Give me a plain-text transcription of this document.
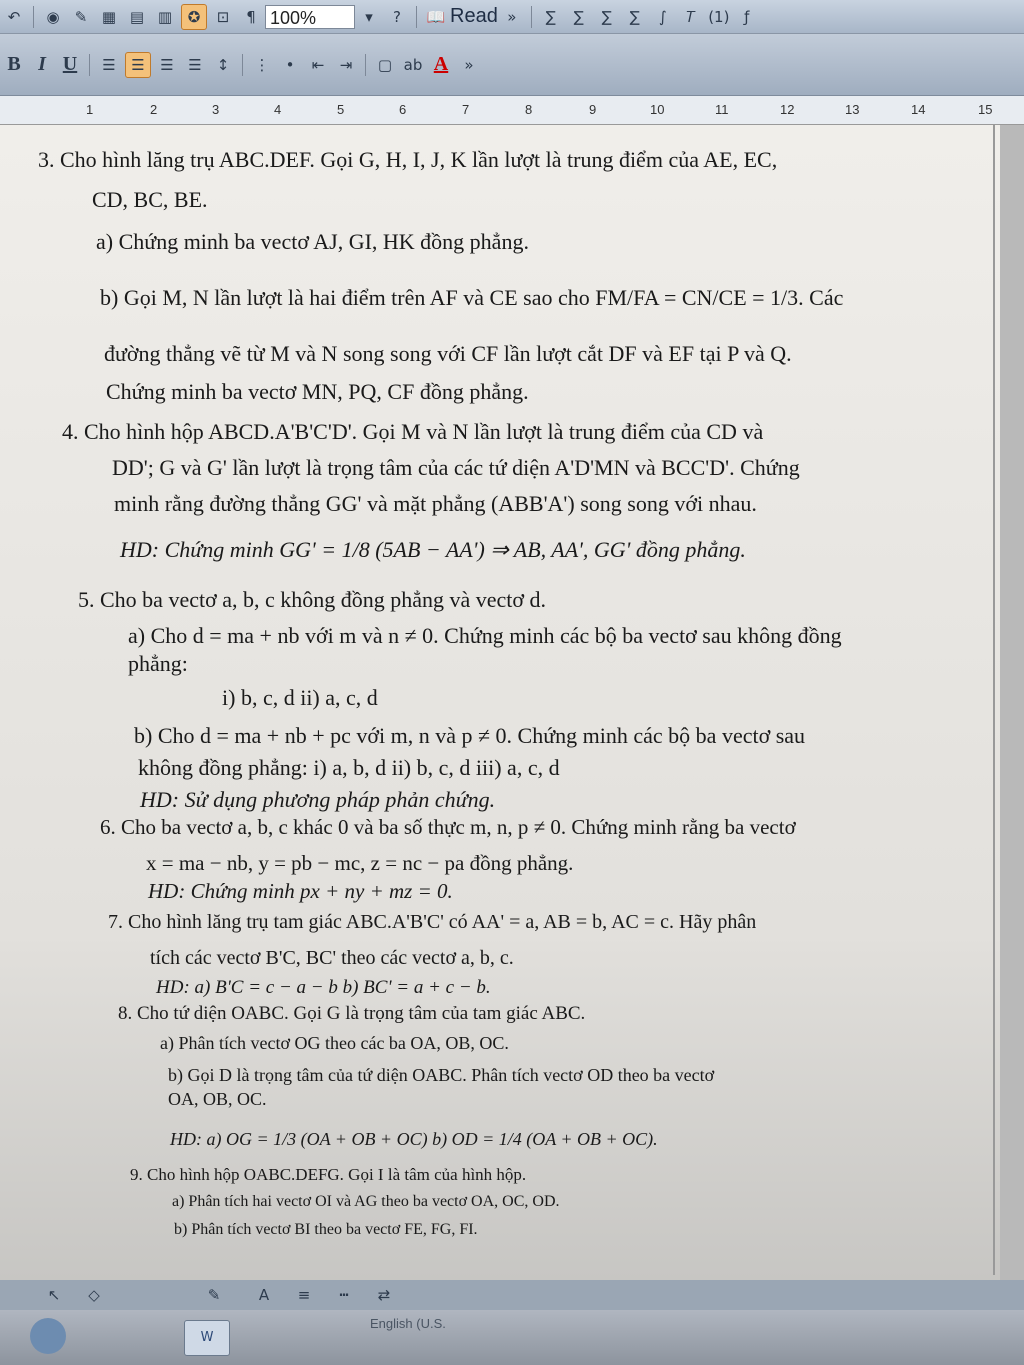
↶	◉	✎ ▦ ▤ ▥	✪	⊡	¶ 100%	▾	?	📖 Read »	∑	∑	∑	∑	∫	𝑇 (1) ƒ
B I U	☰	☰	☰ ☰ ↕	⋮	•	⇤	⇥	▢ ab A	»
1	2	3	4	5	6	7	8	9	10	11	12	13	14	15
3. Cho hình lăng trụ ABC.DEF. Gọi G, H, I, J, K lần lượt là trung điểm của AE, EC,
CD, BC, BE.
a) Chứng minh ba vectơ AJ, GI, HK đồng phẳng.
b) Gọi M, N lần lượt là hai điểm trên AF và CE sao cho FM/FA = CN/CE = 1/3. Các
đường thẳng vẽ từ M và N song song với CF lần lượt cắt DF và EF tại P và Q.
Chứng minh ba vectơ MN, PQ, CF đồng phẳng.
4. Cho hình hộp ABCD.A'B'C'D'. Gọi M và N lần lượt là trung điểm của CD và
DD'; G và G' lần lượt là trọng tâm của các tứ diện A'D'MN và BCC'D'. Chứng
minh rằng đường thẳng GG' và mặt phẳng (ABB'A') song song với nhau.
HD: Chứng minh GG' = 1/8 (5AB − AA') ⇒ AB, AA', GG' đồng phẳng.
5. Cho ba vectơ a, b, c không đồng phẳng và vectơ d.
a) Cho d = ma + nb với m và n ≠ 0. Chứng minh các bộ ba vectơ sau không đồng
phẳng:
i) b, c, d ii) a, c, d
b) Cho d = ma + nb + pc với m, n và p ≠ 0. Chứng minh các bộ ba vectơ sau
không đồng phẳng: i) a, b, d ii) b, c, d iii) a, c, d
HD: Sử dụng phương pháp phản chứng.
6. Cho ba vectơ a, b, c khác 0 và ba số thực m, n, p ≠ 0. Chứng minh rằng ba vectơ
x = ma − nb, y = pb − mc, z = nc − pa đồng phẳng.
HD: Chứng minh px + ny + mz = 0.
7. Cho hình lăng trụ tam giác ABC.A'B'C' có AA' = a, AB = b, AC = c. Hãy phân
tích các vectơ B'C, BC' theo các vectơ a, b, c.
HD: a) B'C = c − a − b b) BC' = a + c − b.
8. Cho tứ diện OABC. Gọi G là trọng tâm của tam giác ABC.
a) Phân tích vectơ OG theo các ba OA, OB, OC.
b) Gọi D là trọng tâm của tứ diện OABC. Phân tích vectơ OD theo ba vectơ
OA, OB, OC.
HD: a) OG = 1/3 (OA + OB + OC) b) OD = 1/4 (OA + OB + OC).
9. Cho hình hộp OABC.DEFG. Gọi I là tâm của hình hộp.
a) Phân tích hai vectơ OI và AG theo ba vectơ OA, OC, OD.
b) Phân tích vectơ BI theo ba vectơ FE, FG, FI.
↖	◇	✎	A	≡	┅	⇄
English (U.S.
W
